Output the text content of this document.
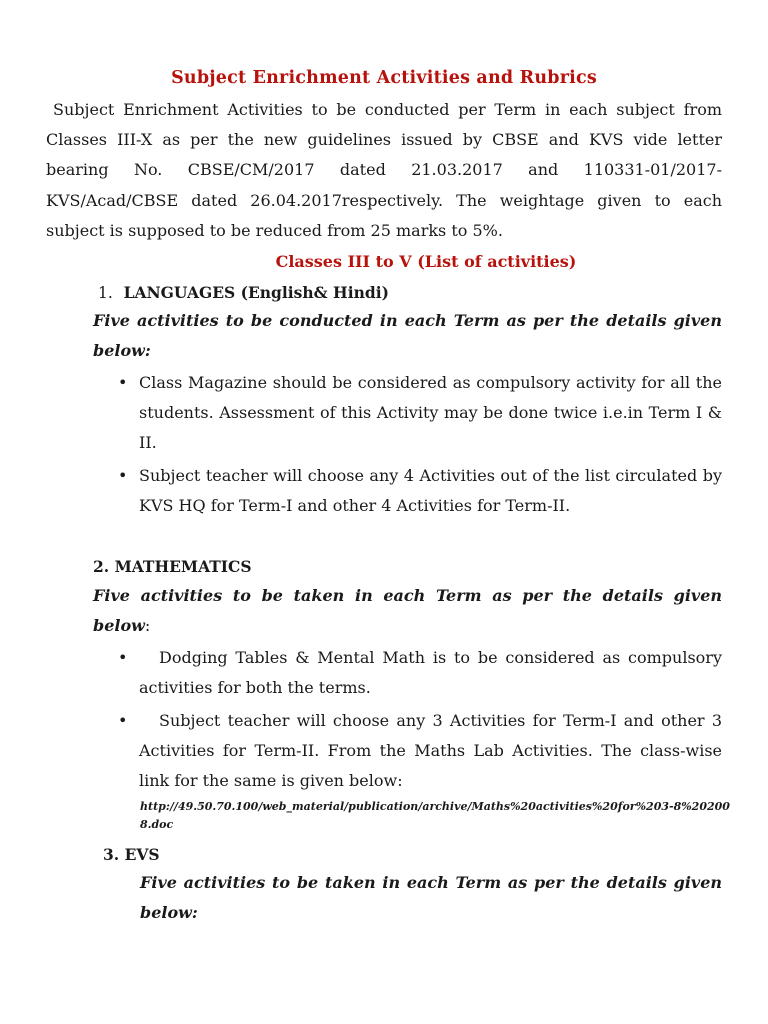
Subject Enrichment Activities and Rubrics

Subject Enrichment Activities to be conducted per Term in each subject from Classes III-X as per the new guidelines issued by CBSE and KVS vide letter bearing No. CBSE/CM/2017 dated 21.03.2017 and 110331-01/2017-KVS/Acad/CBSE dated 26.04.2017respectively. The weightage given to each subject is supposed to be reduced from 25 marks to 5%.

Classes III to V (List of activities)
1. LANGUAGES (English& Hindi)

Five activities to be conducted in each Term as per the details given below:

• Class Magazine should be considered as compulsory activity for all the students. Assessment of this Activity may be done twice i.e.in Term I & II.
• Subject teacher will choose any 4 Activities out of the list circulated by KVS HQ for Term-I and other 4 Activities for Term-II.
2. MATHEMATICS

Five activities to be taken in each Term as per the details given below:

•	Dodging Tables & Mental Math is to be considered as compulsory activities for both the terms.
•	Subject teacher will choose any 3 Activities for Term-I and other 3 Activities for Term-II. From the Maths Lab Activities. The class-wise link for the same is given below:
http://49.50.70.100/web_material/publication/archive/Maths%20activities%20for%203-8%202008.doc
3. EVS

Five activities to be taken in each Term as per the details given below:
